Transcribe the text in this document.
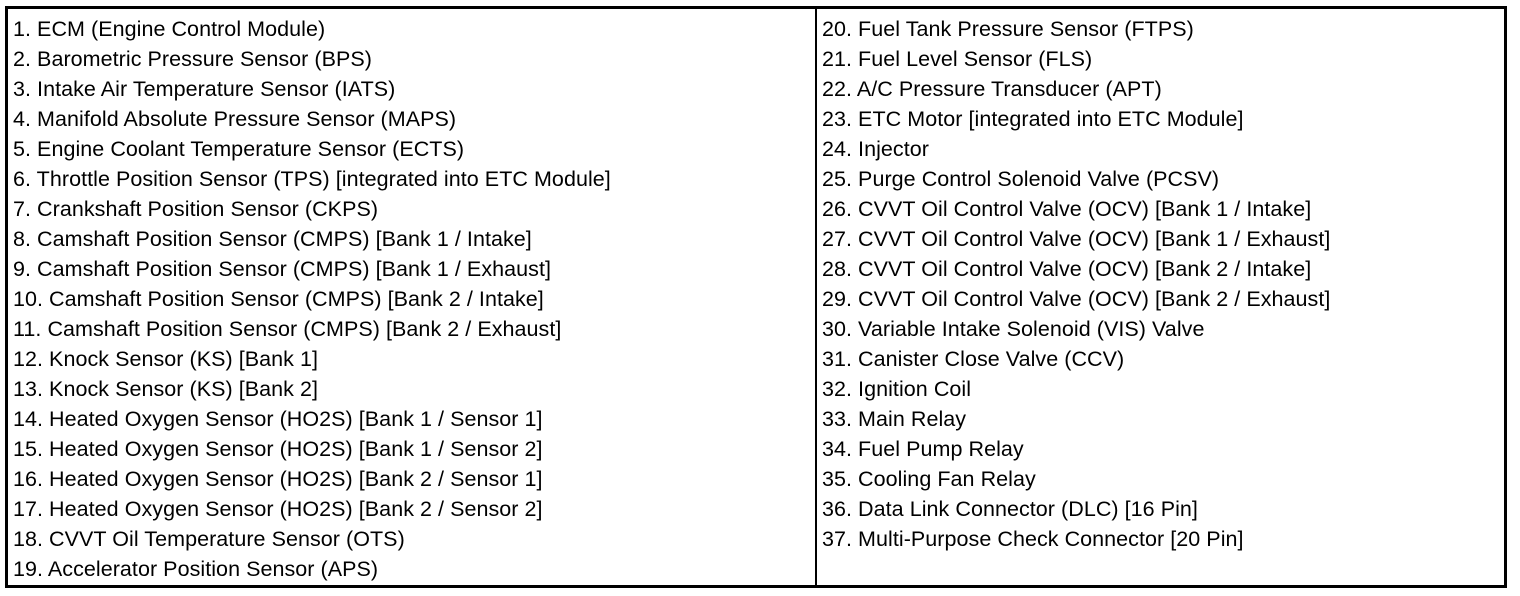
1. ECM (Engine Control Module)
2. Barometric Pressure Sensor (BPS)
3. Intake Air Temperature Sensor (IATS)
4. Manifold Absolute Pressure Sensor (MAPS)
5. Engine Coolant Temperature Sensor (ECTS)
6. Throttle Position Sensor (TPS) [integrated into ETC Module]
7. Crankshaft Position Sensor (CKPS)
8. Camshaft Position Sensor (CMPS) [Bank 1 / Intake]
9. Camshaft Position Sensor (CMPS) [Bank 1 / Exhaust]
10. Camshaft Position Sensor (CMPS) [Bank 2 / Intake]
11. Camshaft Position Sensor (CMPS) [Bank 2 / Exhaust]
12. Knock Sensor (KS) [Bank 1]
13. Knock Sensor (KS) [Bank 2]
14. Heated Oxygen Sensor (HO2S) [Bank 1 / Sensor 1]
15. Heated Oxygen Sensor (HO2S) [Bank 1 / Sensor 2]
16. Heated Oxygen Sensor (HO2S) [Bank 2 / Sensor 1]
17. Heated Oxygen Sensor (HO2S) [Bank 2 / Sensor 2]
18. CVVT Oil Temperature Sensor (OTS)
19. Accelerator Position Sensor (APS)
20. Fuel Tank Pressure Sensor (FTPS)
21. Fuel Level Sensor (FLS)
22. A/C Pressure Transducer (APT)
23. ETC Motor [integrated into ETC Module]
24. Injector
25. Purge Control Solenoid Valve (PCSV)
26. CVVT Oil Control Valve (OCV) [Bank 1 / Intake]
27. CVVT Oil Control Valve (OCV) [Bank 1 / Exhaust]
28. CVVT Oil Control Valve (OCV) [Bank 2 / Intake]
29. CVVT Oil Control Valve (OCV) [Bank 2 / Exhaust]
30. Variable Intake Solenoid (VIS) Valve
31. Canister Close Valve (CCV)
32. Ignition Coil
33. Main Relay
34. Fuel Pump Relay
35. Cooling Fan Relay
36. Data Link Connector (DLC) [16 Pin]
37. Multi-Purpose Check Connector [20 Pin]
